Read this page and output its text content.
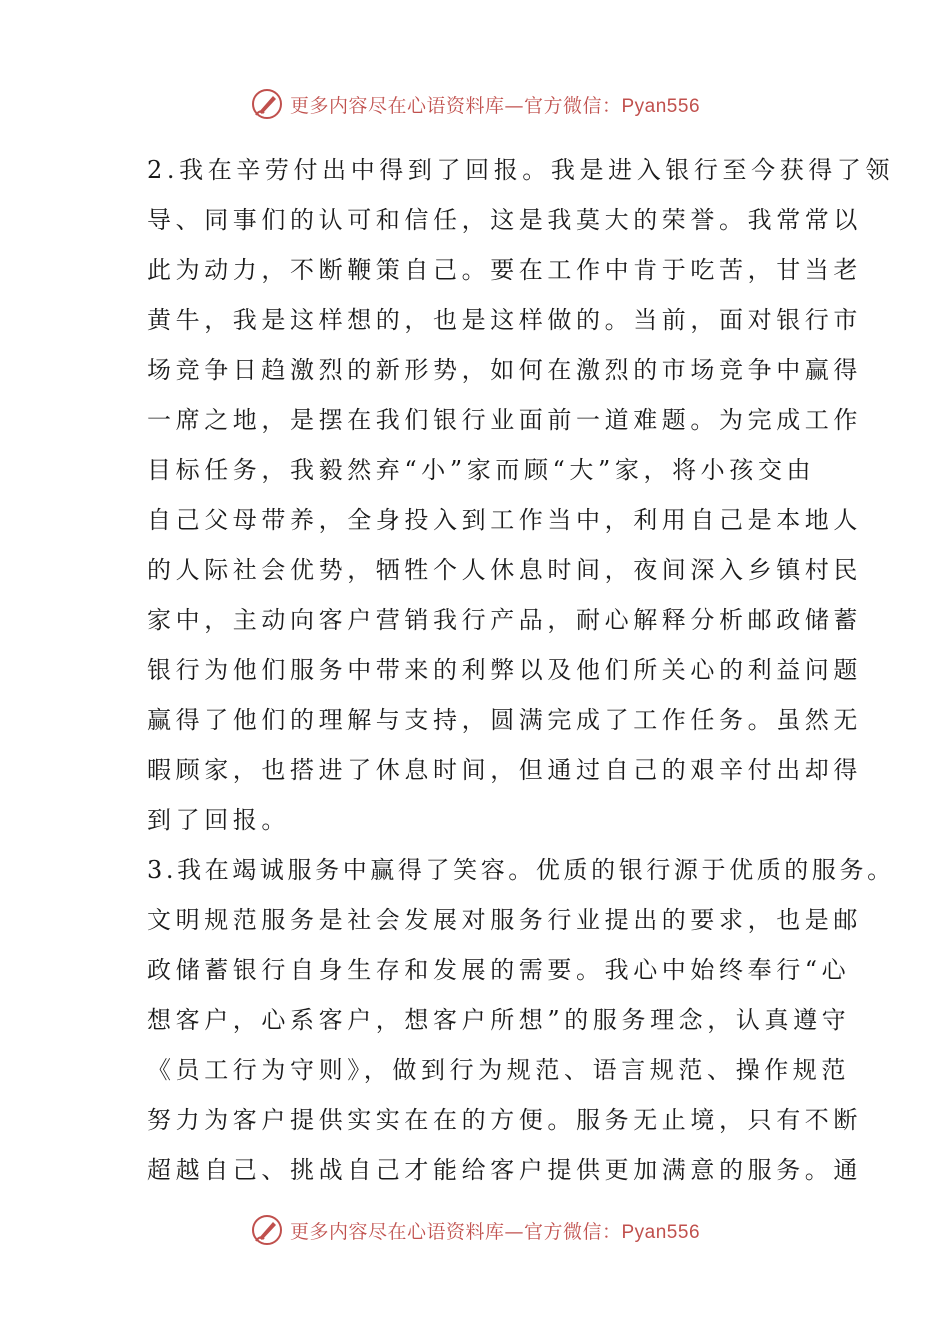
更多内容尽在心语资料库—官方微信：Pyan556
2.我在辛劳付出中得到了回报。我是进入银行至今获得了领
导、同事们的认可和信任，这是我莫大的荣誉。我常常以
此为动力，不断鞭策自己。要在工作中肯于吃苦，甘当老
黄牛，我是这样想的，也是这样做的。当前，面对银行市
场竞争日趋激烈的新形势，如何在激烈的市场竞争中赢得
一席之地，是摆在我们银行业面前一道难题。为完成工作
目标任务，我毅然弃“小”家而顾“大”家，将小孩交由
自己父母带养，全身投入到工作当中，利用自己是本地人
的人际社会优势，牺牲个人休息时间，夜间深入乡镇村民
家中，主动向客户营销我行产品，耐心解释分析邮政储蓄
银行为他们服务中带来的利弊以及他们所关心的利益问题
赢得了他们的理解与支持，圆满完成了工作任务。虽然无
暇顾家，也搭进了休息时间，但通过自己的艰辛付出却得
到了回报。
3.我在竭诚服务中赢得了笑容。优质的银行源于优质的服务。
文明规范服务是社会发展对服务行业提出的要求，也是邮
政储蓄银行自身生存和发展的需要。我心中始终奉行“心
想客户，心系客户，想客户所想”的服务理念，认真遵守
《员工行为守则》，做到行为规范、语言规范、操作规范
努力为客户提供实实在在的方便。服务无止境，只有不断
超越自己、挑战自己才能给客户提供更加满意的服务。通
更多内容尽在心语资料库—官方微信：Pyan556
